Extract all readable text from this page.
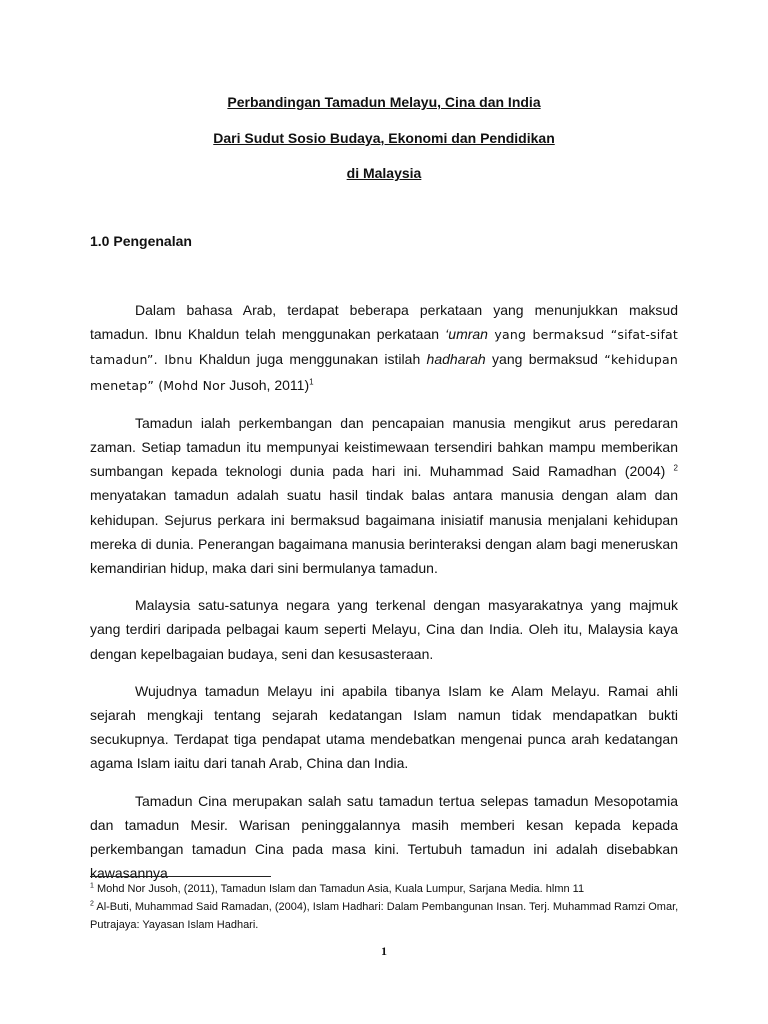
Perbandingan Tamadun Melayu, Cina dan India
Dari Sudut Sosio Budaya, Ekonomi dan Pendidikan
di Malaysia
1.0 Pengenalan

Dalam bahasa Arab, terdapat beberapa perkataan yang menunjukkan maksud tamadun. Ibnu Khaldun telah menggunakan perkataan ‘umran yang bermaksud “sifat-sifat tamadun”. Ibnu Khaldun juga menggunakan istilah hadharah yang bermaksud “kehidupan menetap” (Mohd Nor Jusoh, 2011)$^1$

Tamadun ialah perkembangan dan pencapaian manusia mengikut arus peredaran zaman. Setiap tamadun itu mempunyai keistimewaan tersendiri bahkan mampu memberikan sumbangan kepada teknologi dunia pada hari ini. Muhammad Said Ramadhan (2004) $^2$ menyatakan tamadun adalah suatu hasil tindak balas antara manusia dengan alam dan kehidupan. Sejurus perkara ini bermaksud bagaimana inisiatif manusia menjalani kehidupan mereka di dunia. Penerangan bagaimana manusia berinteraksi dengan alam bagi meneruskan kemandirian hidup, maka dari sini bermulanya tamadun.

Malaysia satu-satunya negara yang terkenal dengan masyarakatnya yang majmuk yang terdiri daripada pelbagai kaum seperti Melayu, Cina dan India. Oleh itu, Malaysia kaya dengan kepelbagaian budaya, seni dan kesusasteraan.

Wujudnya tamadun Melayu ini apabila tibanya Islam ke Alam Melayu. Ramai ahli sejarah mengkaji tentang sejarah kedatangan Islam namun tidak mendapatkan bukti secukupnya. Terdapat tiga pendapat utama mendebatkan mengenai punca arah kedatangan agama Islam iaitu dari tanah Arab, China dan India.

Tamadun Cina merupakan salah satu tamadun tertua selepas tamadun Mesopotamia dan tamadun Mesir. Warisan peninggalannya masih memberi kesan kepada kepada perkembangan tamadun Cina pada masa kini. Tertubuh tamadun ini adalah disebabkan kawasannya

$^1$ Mohd Nor Jusoh, (2011), Tamadun Islam dan Tamadun Asia, Kuala Lumpur, Sarjana Media. hlmn 11

$^2$ Al-Buti, Muhammad Said Ramadan, (2004), Islam Hadhari: Dalam Pembangunan Insan. Terj. Muhammad Ramzi Omar, Putrajaya: Yayasan Islam Hadhari.

1
